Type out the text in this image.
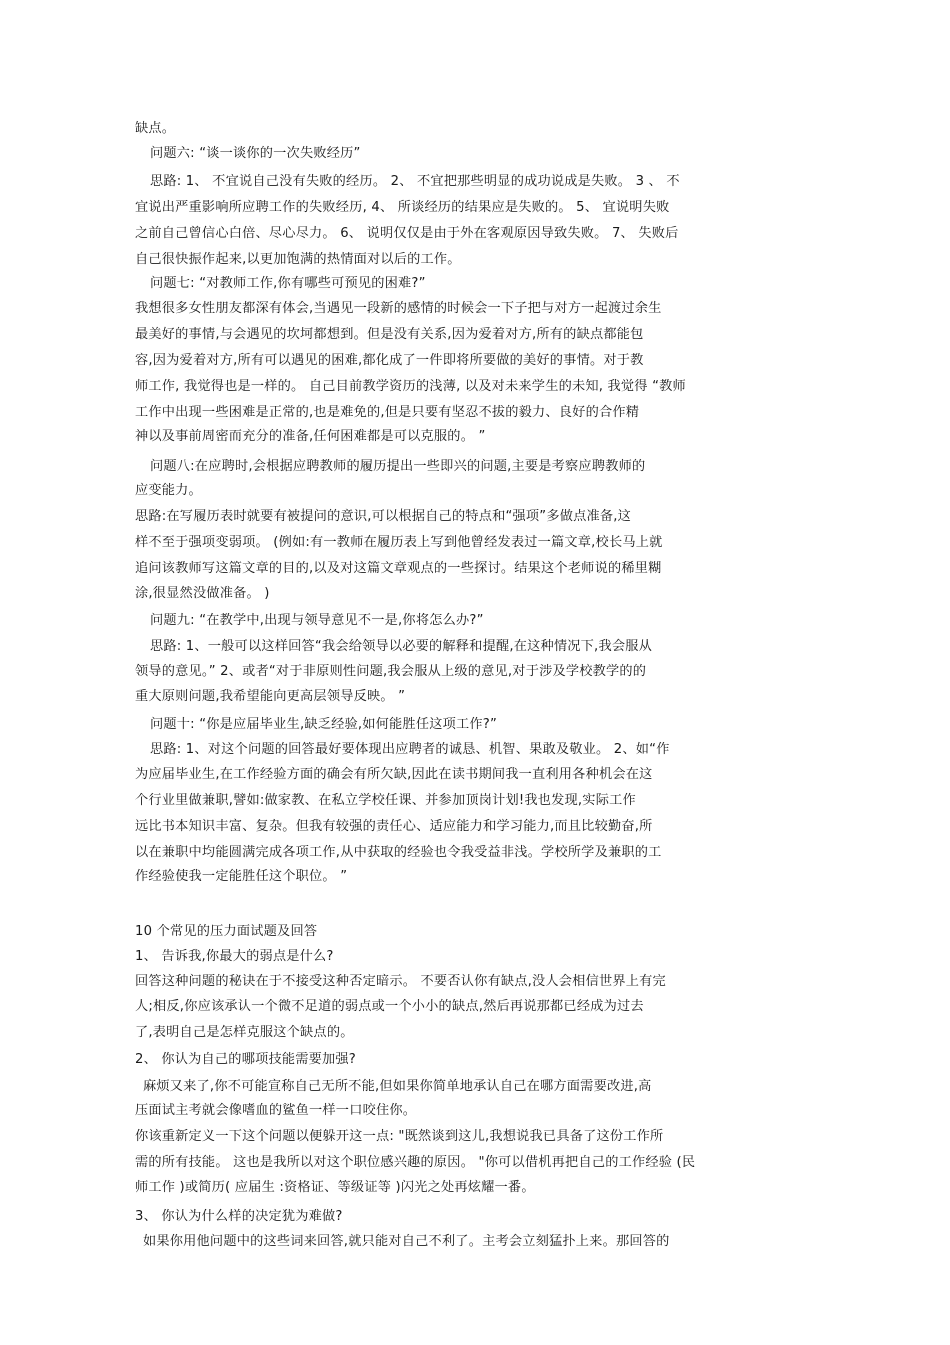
缺点。
问题六: “谈一谈你的一次失败经历”
思路: 1、 不宜说自己没有失败的经历。 2、 不宜把那些明显的成功说成是失败。 3 、 不
宜说出严重影响所应聘工作的失败经历, 4、 所谈经历的结果应是失败的。 5、 宜说明失败
之前自己曾信心白倍、尽心尽力。 6、 说明仅仅是由于外在客观原因导致失败。 7、 失败后
自己很快振作起来,以更加饱满的热情面对以后的工作。
问题七: “对教师工作,你有哪些可预见的困难?”
我想很多女性朋友都深有体会,当遇见一段新的感情的时候会一下子把与对方一起渡过余生
最美好的事情,与会遇见的坎坷都想到。但是没有关系,因为爱着对方,所有的缺点都能包
容,因为爱着对方,所有可以遇见的困难,都化成了一件即将所要做的美好的事情。对于教
师工作, 我觉得也是一样的。 自己目前教学资历的浅薄, 以及对未来学生的未知, 我觉得 “教师
工作中出现一些困难是正常的,也是难免的,但是只要有坚忍不拔的毅力、良好的合作精
神以及事前周密而充分的准备,任何困难都是可以克服的。 ”
问题八:在应聘时,会根据应聘教师的履历提出一些即兴的问题,主要是考察应聘教师的
应变能力。
思路:在写履历表时就要有被提问的意识,可以根据自己的特点和“强项”多做点准备,这
样不至于强项变弱项。 (例如:有一教师在履历表上写到他曾经发表过一篇文章,校长马上就
追问该教师写这篇文章的目的,以及对这篇文章观点的一些探讨。结果这个老师说的稀里糊
涂,很显然没做准备。 )
问题九: “在教学中,出现与领导意见不一是,你将怎么办?”
思路: 1、一般可以这样回答“我会给领导以必要的解释和提醒,在这种情况下,我会服从
领导的意见。” 2、或者“对于非原则性问题,我会服从上级的意见,对于涉及学校教学的的
重大原则问题,我希望能向更高层领导反映。 ”
问题十: “你是应届毕业生,缺乏经验,如何能胜任这项工作?”
思路: 1、对这个问题的回答最好要体现出应聘者的诚恳、机智、果敢及敬业。 2、如“作
为应届毕业生,在工作经验方面的确会有所欠缺,因此在读书期间我一直利用各种机会在这
个行业里做兼职,譬如:做家教、在私立学校任课、并参加顶岗计划!我也发现,实际工作
远比书本知识丰富、复杂。但我有较强的责任心、适应能力和学习能力,而且比较勤奋,所
以在兼职中均能圆满完成各项工作,从中获取的经验也令我受益非浅。学校所学及兼职的工
作经验使我一定能胜任这个职位。 ”
10 个常见的压力面试题及回答
1、 告诉我,你最大的弱点是什么?
回答这种问题的秘诀在于不接受这种否定暗示。 不要否认你有缺点,没人会相信世界上有完
人;相反,你应该承认一个微不足道的弱点或一个小小的缺点,然后再说那都已经成为过去
了,表明自己是怎样克服这个缺点的。
2、 你认为自己的哪项技能需要加强?
麻烦又来了,你不可能宣称自己无所不能,但如果你简单地承认自己在哪方面需要改进,高
压面试主考就会像嗜血的鲨鱼一样一口咬住你。
你该重新定义一下这个问题以便躲开这一点: "既然谈到这儿,我想说我已具备了这份工作所
需的所有技能。 这也是我所以对这个职位感兴趣的原因。 "你可以借机再把自己的工作经验 (民
师工作 )或简历( 应届生 :资格证、等级证等 )闪光之处再炫耀一番。
3、 你认为什么样的决定犹为难做?
如果你用他问题中的这些词来回答,就只能对自己不利了。主考会立刻猛扑上来。那回答的
